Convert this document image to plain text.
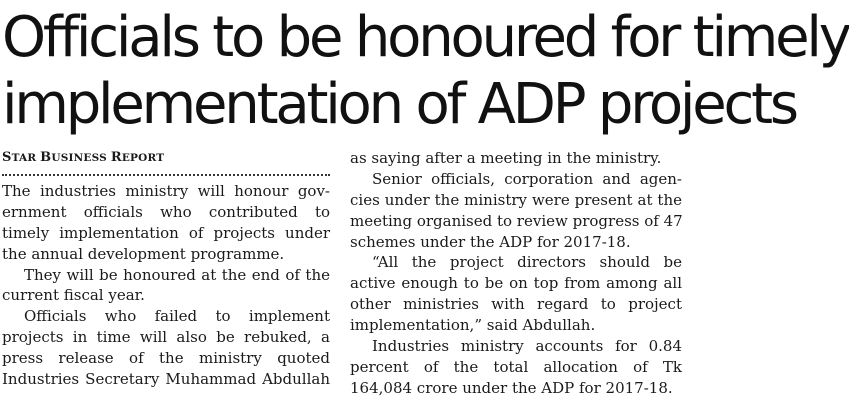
Officials to be honoured for timely
implementation of ADP projects
STAR BUSINESS REPORT
The industries ministry will honour gov-
ernment officials who contributed to
timely implementation of projects under
the annual development programme.
They will be honoured at the end of the
current fiscal year.
Officials who failed to implement
projects in time will also be rebuked, a
press release of the ministry quoted
Industries Secretary Muhammad Abdullah
as saying after a meeting in the ministry.
Senior officials, corporation and agen-
cies under the ministry were present at the
meeting organised to review progress of 47
schemes under the ADP for 2017-18.
“All the project directors should be
active enough to be on top from among all
other ministries with regard to project
implementation,” said Abdullah.
Industries ministry accounts for 0.84
percent of the total allocation of Tk
164,084 crore under the ADP for 2017-18.
